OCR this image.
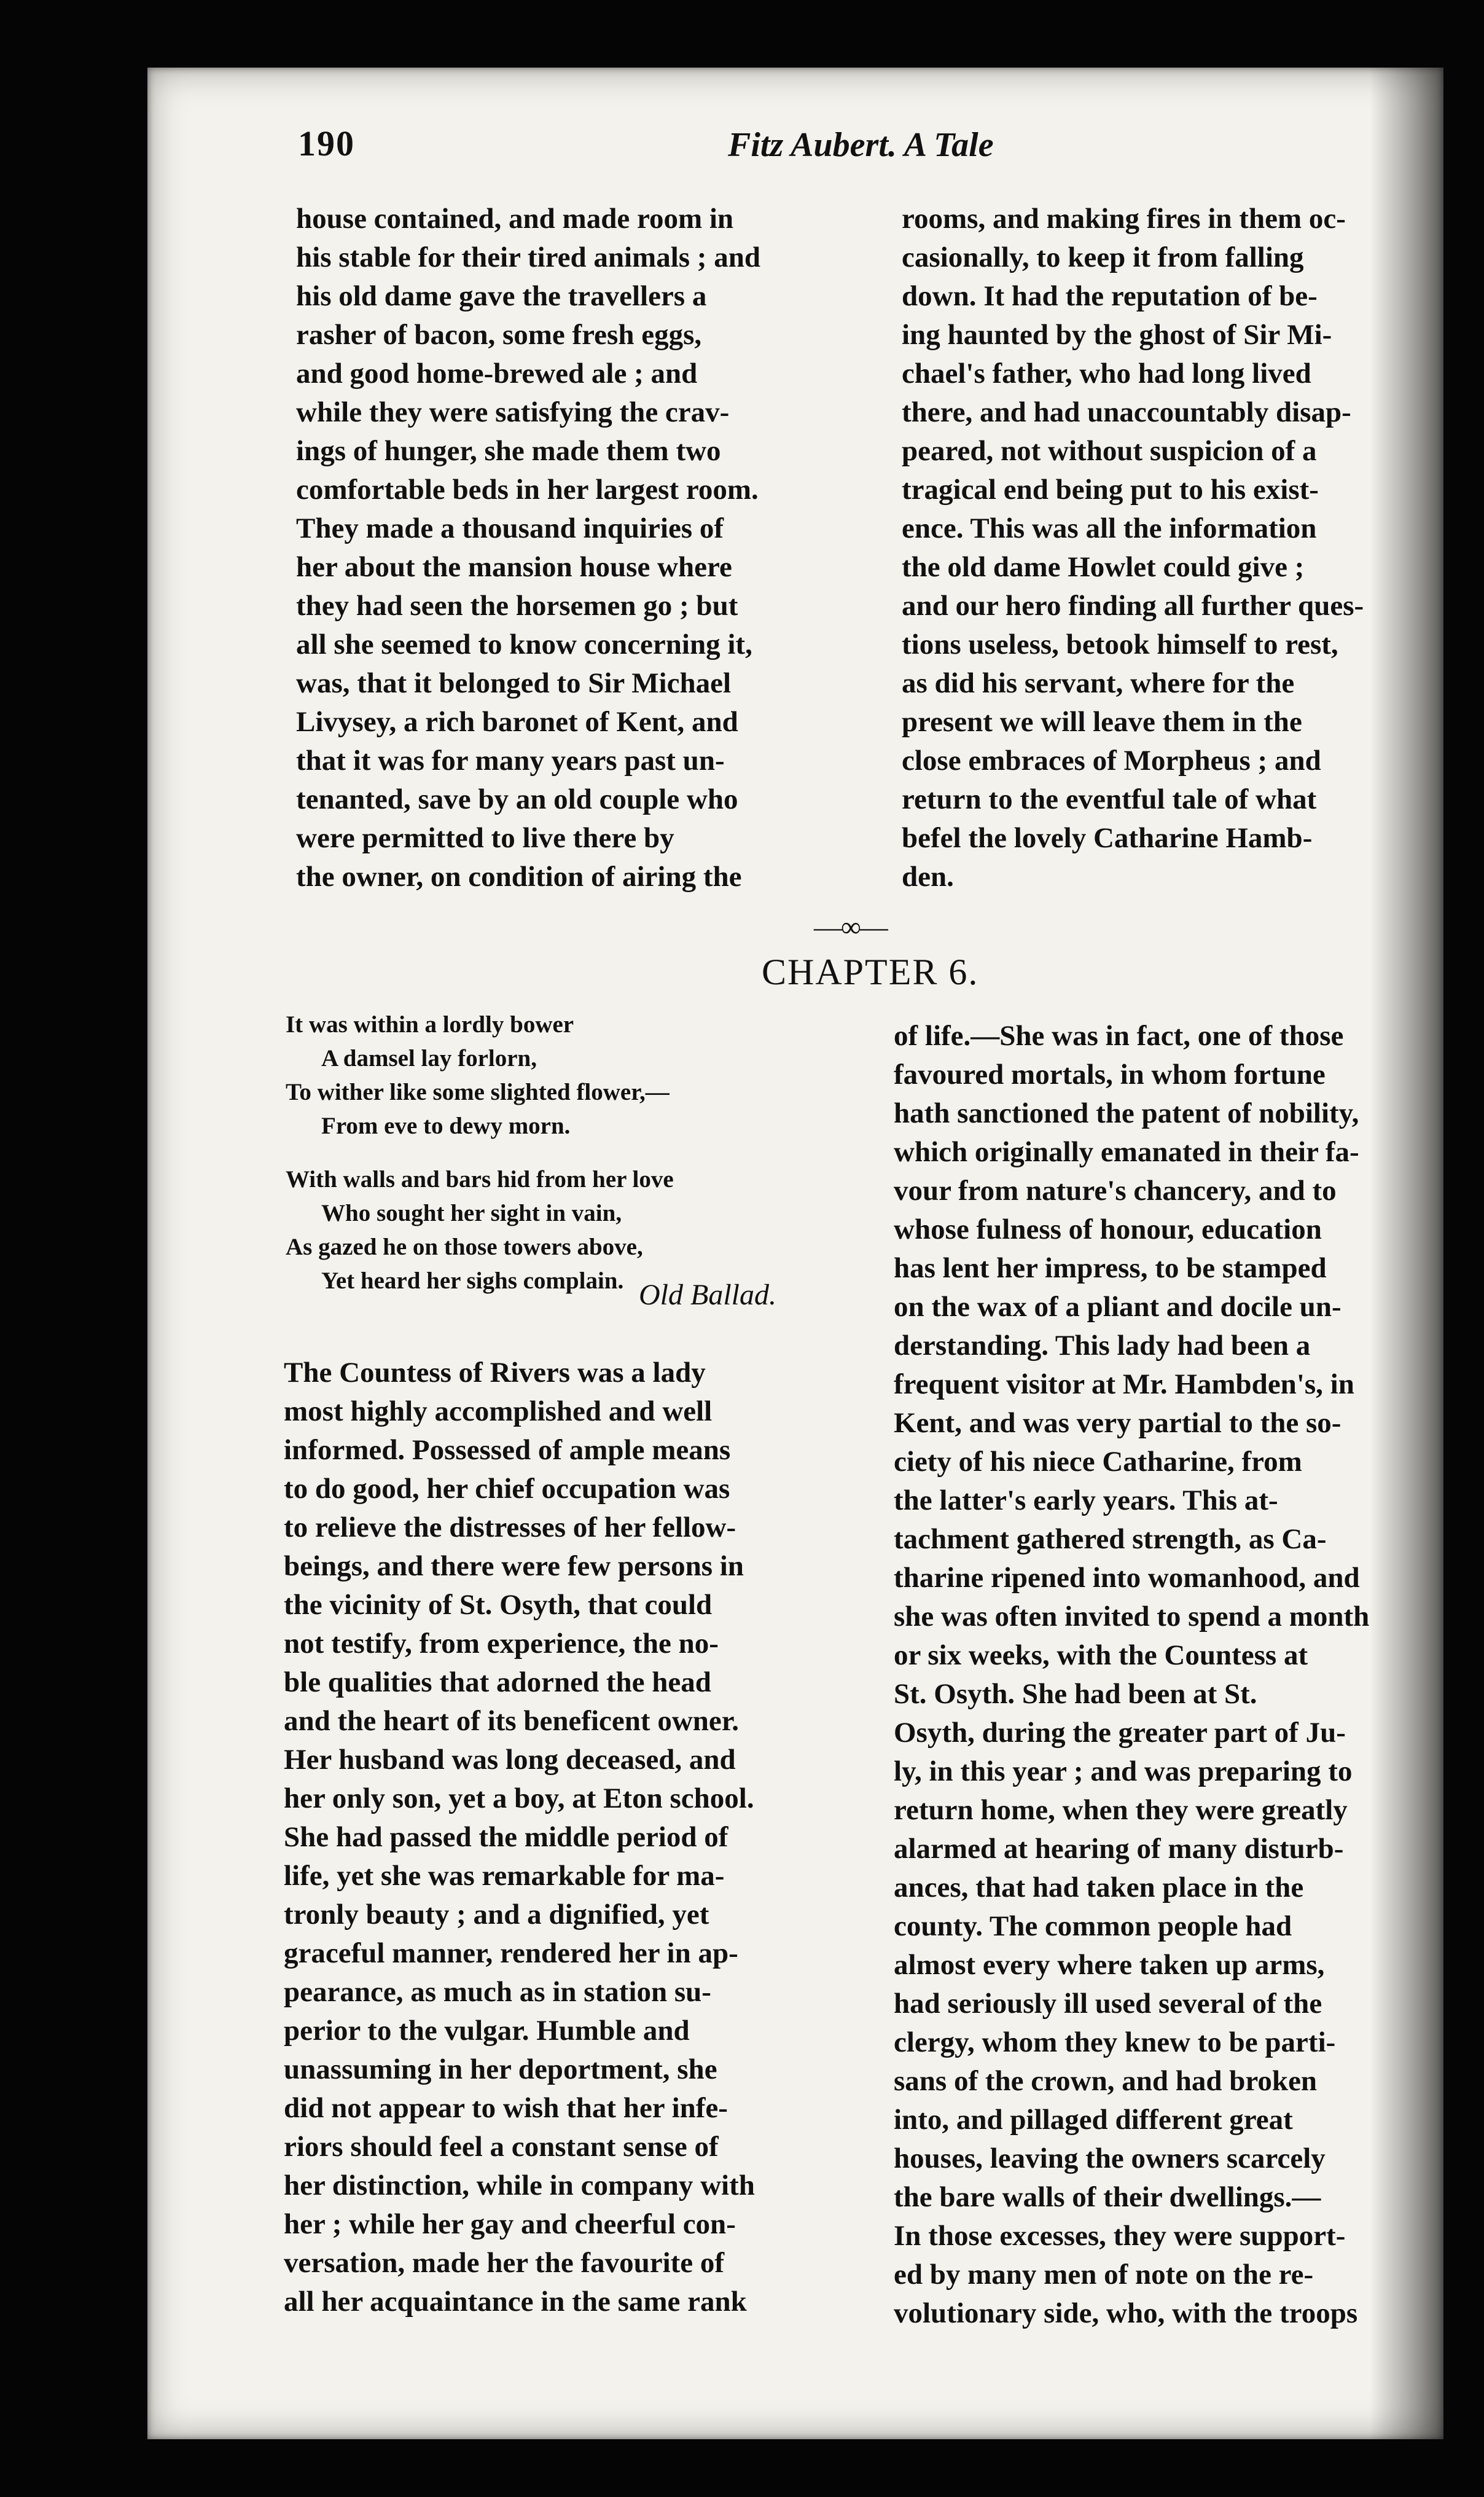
190	Fitz Aubert. A Tale
house contained, and made room in
his stable for their tired animals ; and
his old dame gave the travellers a
rasher of bacon, some fresh eggs,
and good home-brewed ale ; and
while they were satisfying the crav-
ings of hunger, she made them two
comfortable beds in her largest room.
They made a thousand inquiries of
her about the mansion house where
they had seen the horsemen go ; but
all she seemed to know concerning it,
was, that it belonged to Sir Michael
Livysey, a rich baronet of Kent, and
that it was for many years past un-
tenanted, save by an old couple who
were permitted to live there by
the owner, on condition of airing the
rooms, and making fires in them oc-
casionally, to keep it from falling
down. It had the reputation of be-
ing haunted by the ghost of Sir Mi-
chael's father, who had long lived
there, and had unaccountably disap-
peared, not without suspicion of a
tragical end being put to his exist-
ence. This was all the information
the old dame Howlet could give ;
and our hero finding all further ques-
tions useless, betook himself to rest,
as did his servant, where for the
present we will leave them in the
close embraces of Morpheus ; and
return to the eventful tale of what
befel the lovely Catharine Hamb-
den.
—∞—
CHAPTER 6.
It was within a lordly bower
A damsel lay forlorn,
To wither like some slighted flower,—
From eve to dewy morn.
With walls and bars hid from her love
Who sought her sight in vain,
As gazed he on those towers above,
Yet heard her sighs complain. Old Ballad.
The Countess of Rivers was a lady
most highly accomplished and well
informed. Possessed of ample means
to do good, her chief occupation was
to relieve the distresses of her fellow-
beings, and there were few persons in
the vicinity of St. Osyth, that could
not testify, from experience, the no-
ble qualities that adorned the head
and the heart of its beneficent owner.
Her husband was long deceased, and
her only son, yet a boy, at Eton school.
She had passed the middle period of
life, yet she was remarkable for ma-
tronly beauty ; and a dignified, yet
graceful manner, rendered her in ap-
pearance, as much as in station su-
perior to the vulgar. Humble and
unassuming in her deportment, she
did not appear to wish that her infe-
riors should feel a constant sense of
her distinction, while in company with
her ; while her gay and cheerful con-
versation, made her the favourite of
all her acquaintance in the same rank
of life.—She was in fact, one of those
favoured mortals, in whom fortune
hath sanctioned the patent of nobility,
which originally emanated in their fa-
vour from nature's chancery, and to
whose fulness of honour, education
has lent her impress, to be stamped
on the wax of a pliant and docile un-
derstanding. This lady had been a
frequent visitor at Mr. Hambden's, in
Kent, and was very partial to the so-
ciety of his niece Catharine, from
the latter's early years. This at-
tachment gathered strength, as Ca-
tharine ripened into womanhood, and
she was often invited to spend a month
or six weeks, with the Countess at
St. Osyth. She had been at St.
Osyth, during the greater part of Ju-
ly, in this year ; and was preparing to
return home, when they were greatly
alarmed at hearing of many disturb-
ances, that had taken place in the
county. The common people had
almost every where taken up arms,
had seriously ill used several of the
clergy, whom they knew to be parti-
sans of the crown, and had broken
into, and pillaged different great
houses, leaving the owners scarcely
the bare walls of their dwellings.—
In those excesses, they were support-
ed by many men of note on the re-
volutionary side, who, with the troops
